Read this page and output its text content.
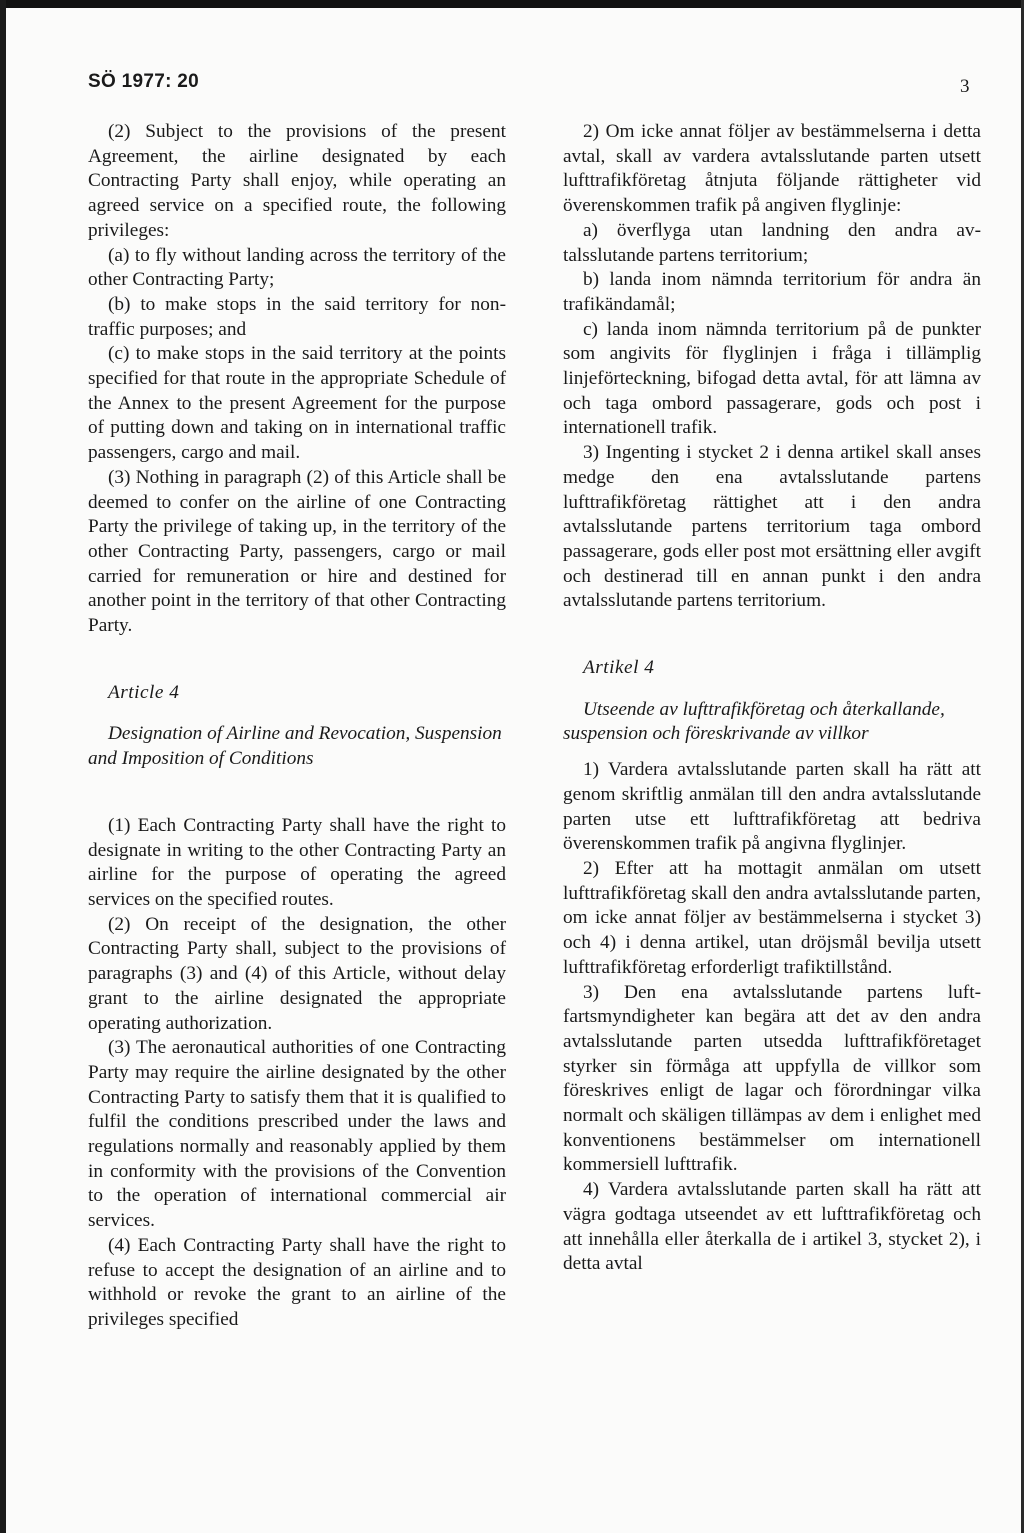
SÖ 1977: 20	3

(2) Subject to the provisions of the present Agreement, the airline designated by each Contracting Party shall enjoy, while operating an agreed service on a specified route, the following privileges:

(a) to fly without landing across the territory of the other Contracting Party;

(b) to make stops in the said territory for non-traffic purposes; and

(c) to make stops in the said territory at the points specified for that route in the appropriate Schedule of the Annex to the present Agreement for the purpose of putting down and taking on in international traffic passengers, cargo and mail.

(3) Nothing in paragraph (2) of this Article shall be deemed to confer on the airline of one Contracting Party the privilege of taking up, in the territory of the other Contracting Party, passengers, cargo or mail carried for remuneration or hire and destined for another point in the territory of that other Contracting Party.

Article 4

Designation of Airline and Revocation, Suspension and Imposition of Conditions

(1) Each Contracting Party shall have the right to designate in writing to the other Contracting Party an airline for the purpose of operating the agreed services on the specified routes.

(2) On receipt of the designation, the other Contracting Party shall, subject to the provisions of paragraphs (3) and (4) of this Article, without delay grant to the airline designated the appropriate operating authorization.

(3) The aeronautical authorities of one Contracting Party may require the airline designated by the other Contracting Party to satisfy them that it is qualified to fulfil the conditions prescribed under the laws and regulations normally and reasonably applied by them in conformity with the provisions of the Convention to the operation of international commercial air services.

(4) Each Contracting Party shall have the right to refuse to accept the designation of an airline and to withhold or revoke the grant to an airline of the privileges specified

2) Om icke annat följer av bestämmelserna i detta avtal, skall av vardera avtalsslutande parten utsett lufttrafikföretag åtnjuta följande rättigheter vid överenskommen trafik på angiven flyglinje:

a) överflyga utan landning den andra avtalsslutande partens territorium;

b) landa inom nämnda territorium för andra än trafikändamål;

c) landa inom nämnda territorium på de punkter som angivits för flyglinjen i fråga i tillämplig linjeförteckning, bifogad detta avtal, för att lämna av och taga ombord passagerare, gods och post i internationell trafik.

3) Ingenting i stycket 2 i denna artikel skall anses medge den ena avtalsslutande partens lufttrafikföretag rättighet att i den andra avtalsslutande partens territorium taga ombord passagerare, gods eller post mot ersättning eller avgift och destinerad till en annan punkt i den andra avtalsslutande partens territorium.

Artikel 4

Utseende av lufttrafikföretag och återkallande, suspension och föreskrivande av villkor

1) Vardera avtalsslutande parten skall ha rätt att genom skriftlig anmälan till den andra avtalsslutande parten utse ett lufttrafikföretag att bedriva överenskommen trafik på angivna flyglinjer.

2) Efter att ha mottagit anmälan om utsett lufttrafikföretag skall den andra avtalsslutande parten, om icke annat följer av bestämmelserna i stycket 3) och 4) i denna artikel, utan dröjsmål bevilja utsett lufttrafikföretag erforderligt trafiktillstånd.

3) Den ena avtalsslutande partens luftfartsmyndigheter kan begära att det av den andra avtalsslutande parten utsedda lufttrafikföretaget styrker sin förmåga att uppfylla de villkor som föreskrives enligt de lagar och förordningar vilka normalt och skäligen tillämpas av dem i enlighet med konventionens bestämmelser om internationell kommersiell lufttrafik.

4) Vardera avtalsslutande parten skall ha rätt att vägra godtaga utseendet av ett lufttrafikföretag och att innehålla eller återkalla de i artikel 3, stycket 2), i detta avtal
